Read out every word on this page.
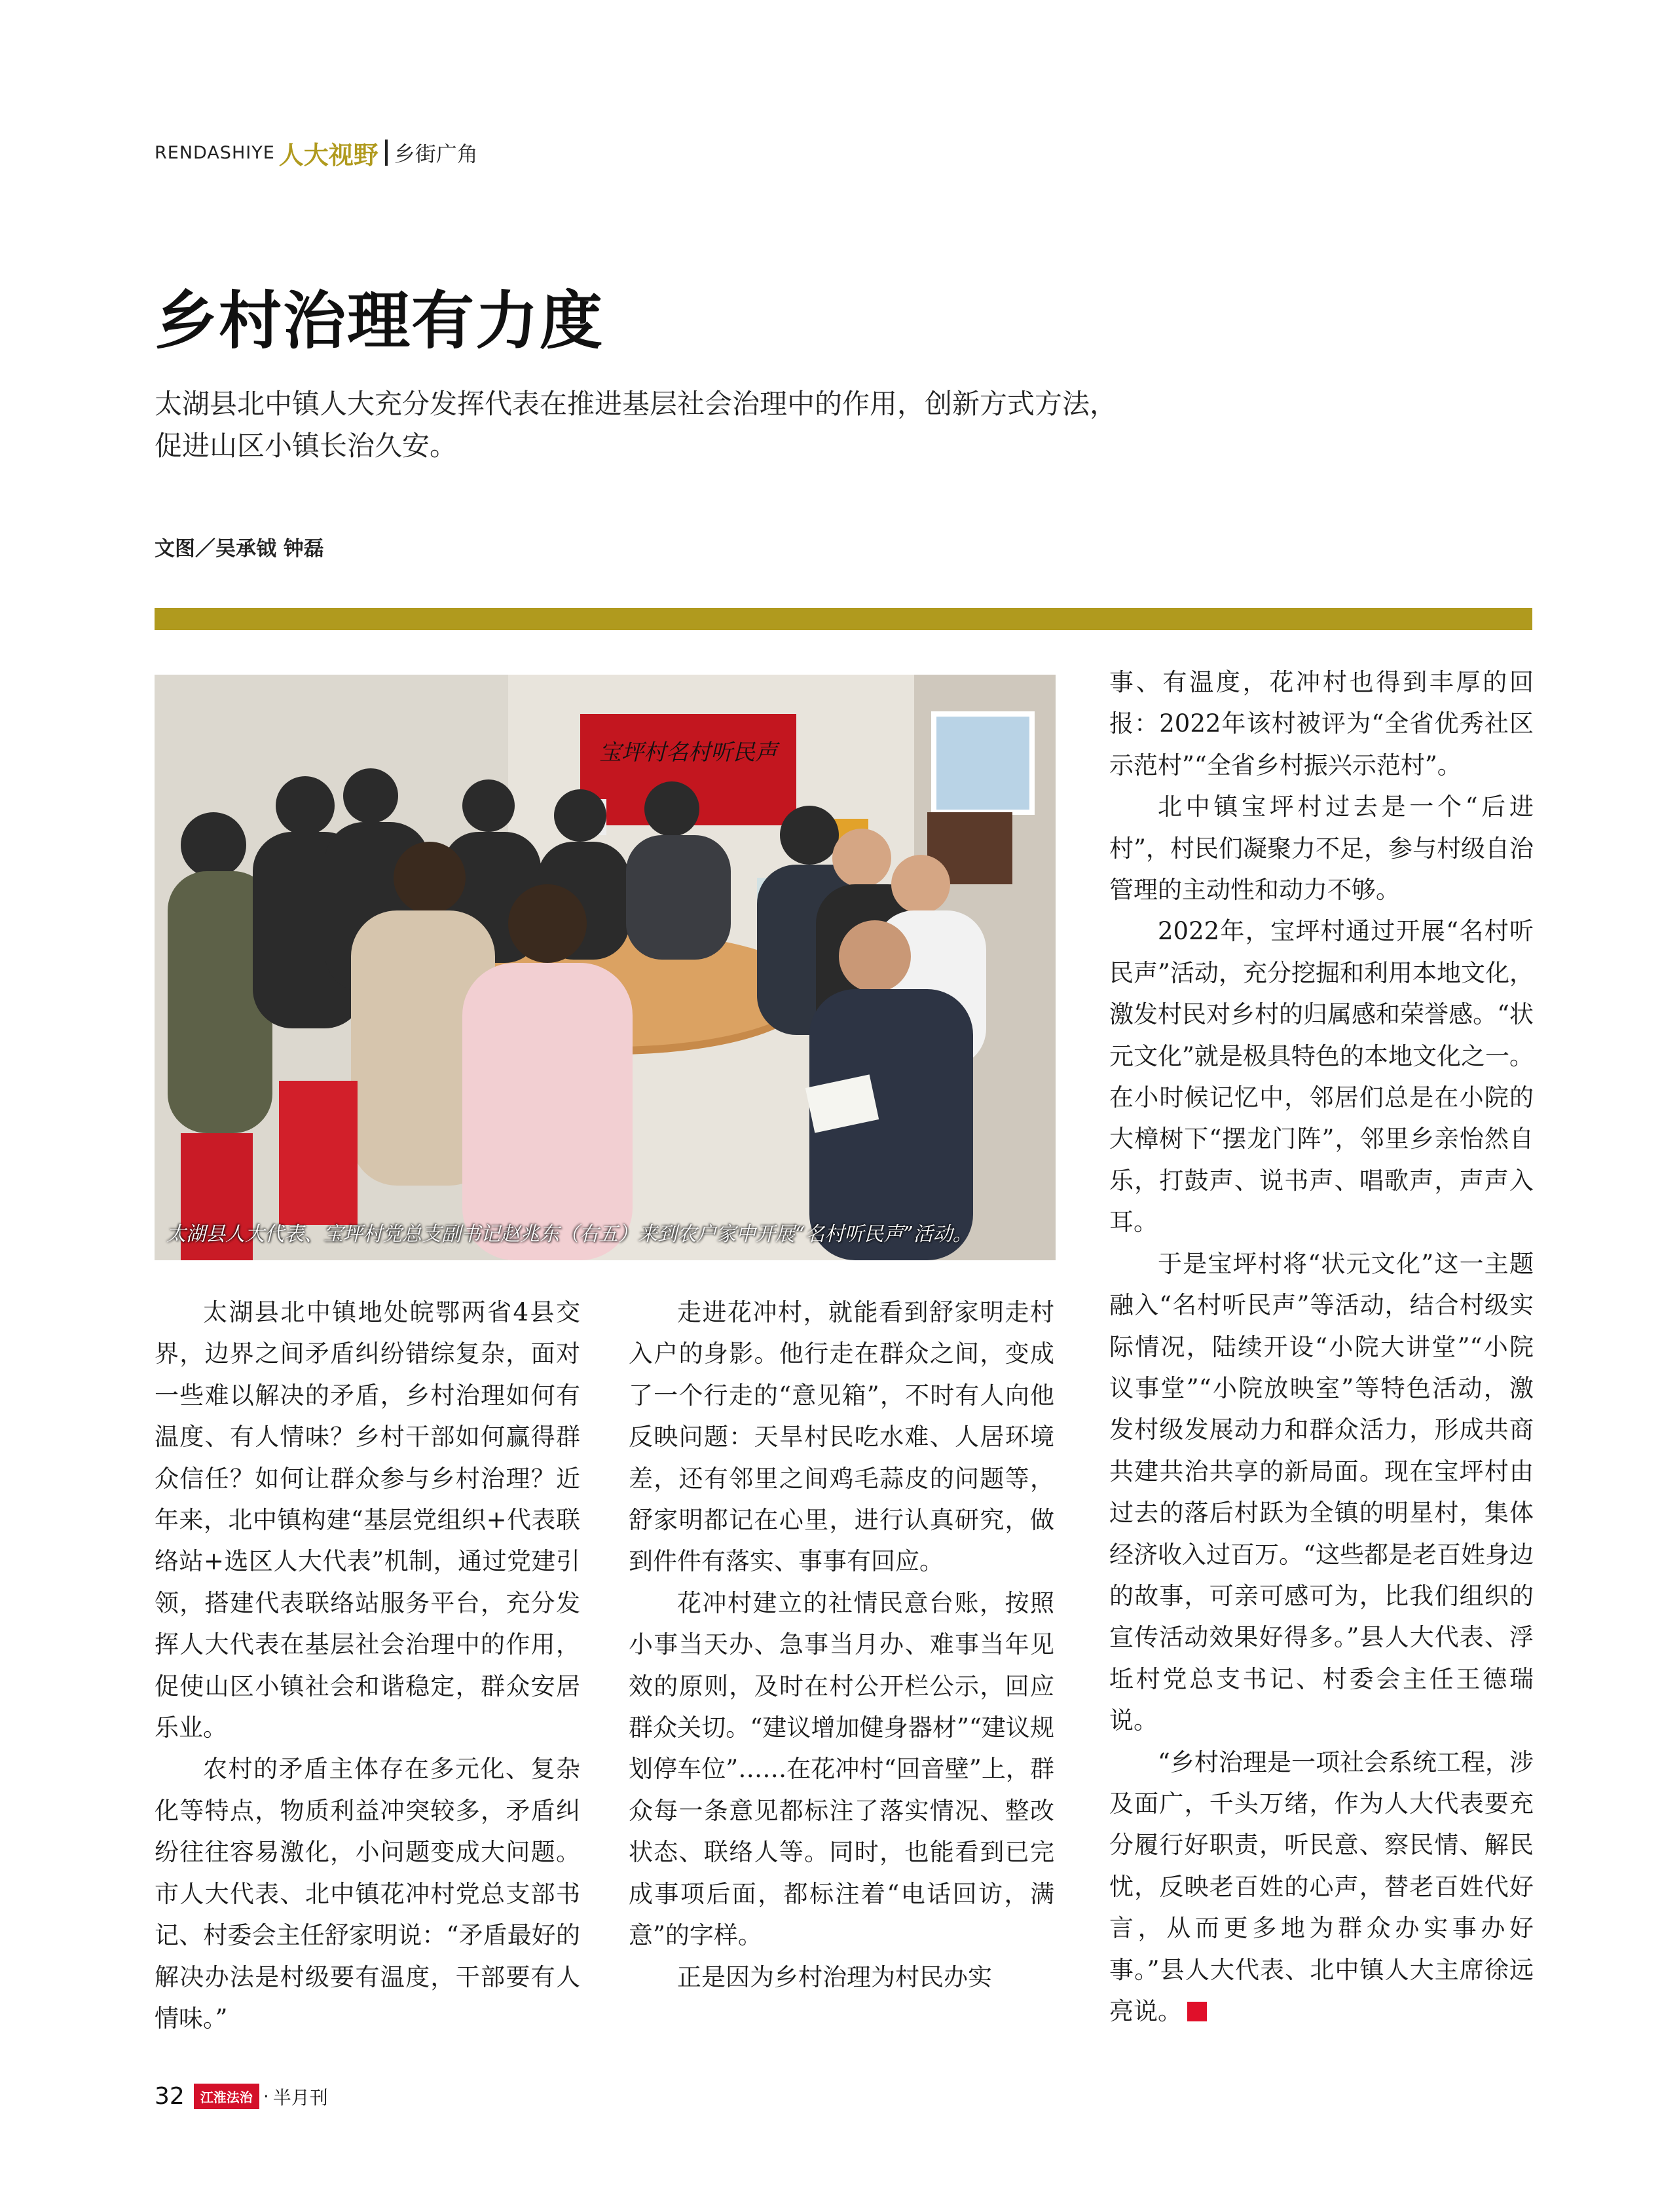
RENDASHIYE 人大视野 乡街广角
乡村治理有力度

太湖县北中镇人大充分发挥代表在推进基层社会治理中的作用，创新方式方法，
促进山区小镇长治久安。

文图／吴承钺 钟磊

宝坪村名村听民声

太湖县人大代表、宝坪村党总支副书记赵兆东（右五）来到农户家中开展“名村听民声”活动。

太湖县北中镇地处皖鄂两省4县交界，边界之间矛盾纠纷错综复杂，面对一些难以解决的矛盾，乡村治理如何有温度、有人情味？乡村干部如何赢得群众信任？如何让群众参与乡村治理？近年来，北中镇构建“基层党组织+代表联络站+选区人大代表”机制，通过党建引领，搭建代表联络站服务平台，充分发挥人大代表在基层社会治理中的作用，促使山区小镇社会和谐稳定，群众安居乐业。

农村的矛盾主体存在多元化、复杂化等特点，物质利益冲突较多，矛盾纠纷往往容易激化，小问题变成大问题。市人大代表、北中镇花冲村党总支部书记、村委会主任舒家明说：“矛盾最好的解决办法是村级要有温度，干部要有人情味。”

走进花冲村，就能看到舒家明走村入户的身影。他行走在群众之间，变成了一个行走的“意见箱”，不时有人向他反映问题：天旱村民吃水难、人居环境差，还有邻里之间鸡毛蒜皮的问题等，舒家明都记在心里，进行认真研究，做到件件有落实、事事有回应。

花冲村建立的社情民意台账，按照小事当天办、急事当月办、难事当年见效的原则，及时在村公开栏公示，回应群众关切。“建议增加健身器材”“建议规划停车位”……在花冲村“回音壁”上，群众每一条意见都标注了落实情况、整改状态、联络人等。同时，也能看到已完成事项后面，都标注着“电话回访，满意”的字样。

正是因为乡村治理为村民办实

事、有温度，花冲村也得到丰厚的回报：2022年该村被评为“全省优秀社区示范村”“全省乡村振兴示范村”。

北中镇宝坪村过去是一个“后进村”，村民们凝聚力不足，参与村级自治管理的主动性和动力不够。

2022年，宝坪村通过开展“名村听民声”活动，充分挖掘和利用本地文化，激发村民对乡村的归属感和荣誉感。“状元文化”就是极具特色的本地文化之一。在小时候记忆中，邻居们总是在小院的大樟树下“摆龙门阵”，邻里乡亲怡然自乐，打鼓声、说书声、唱歌声，声声入耳。

于是宝坪村将“状元文化”这一主题融入“名村听民声”等活动，结合村级实际情况，陆续开设“小院大讲堂”“小院议事堂”“小院放映室”等特色活动，激发村级发展动力和群众活力，形成共商共建共治共享的新局面。现在宝坪村由过去的落后村跃为全镇的明星村，集体经济收入过百万。“这些都是老百姓身边的故事，可亲可感可为，比我们组织的宣传活动效果好得多。”县人大代表、浮坵村党总支书记、村委会主任王德瑞说。

“乡村治理是一项社会系统工程，涉及面广，千头万绪，作为人大代表要充分履行好职责，听民意、察民情、解民忧，反映老百姓的心声，替老百姓代好言，从而更多地为群众办实事办好事。”县人大代表、北中镇人大主席徐远亮说。

32	江淮法治 · 半月刊
